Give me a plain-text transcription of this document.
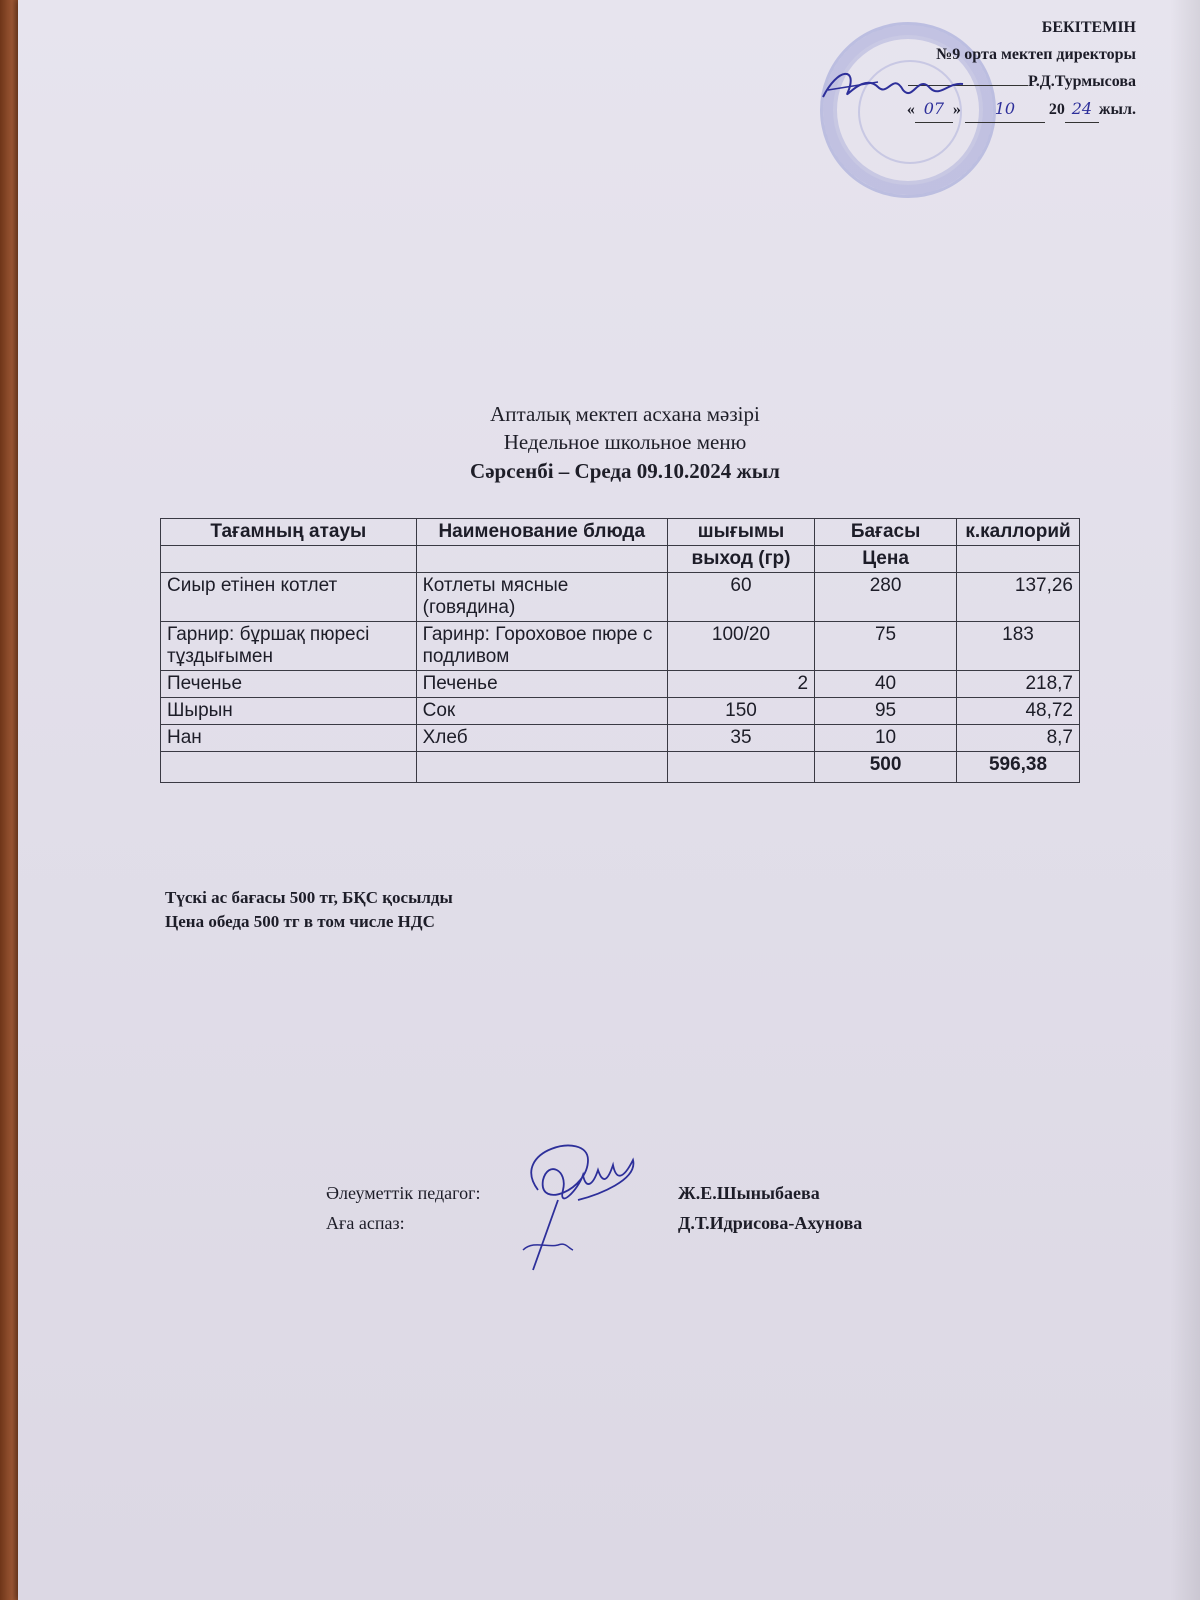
БЕКІТЕМІН
№9 орта мектеп директоры
Р.Д.Турмысова
« 07 » 10 20 24 жыл.
Апталық мектеп асхана мәзірі
Недельное школьное меню
Сәрсенбі – Среда 09.10.2024 жыл
Тағамның атауы	Наименование блюда	шығымы	Бағасы	к.каллорий
		выход (гр)	Цена	
Сиыр етінен котлет	Котлеты мясные (говядина)	60	280	137,26
Гарнир: бұршақ пюресі тұздығымен	Гаринр: Гороховое пюре с подливом	100/20	75	183
Печенье	Печенье	2	40	218,7
Шырын	Сок	150	95	48,72
Нан	Хлеб	35	10	8,7
			500	596,38
Түскі ас бағасы 500 тг, БҚС қосылды
Цена обеда 500 тг в том числе НДС
Әлеуметтік педагог:
Аға аспаз:
Ж.Е.Шыныбаева
Д.Т.Идрисова-Ахунова
